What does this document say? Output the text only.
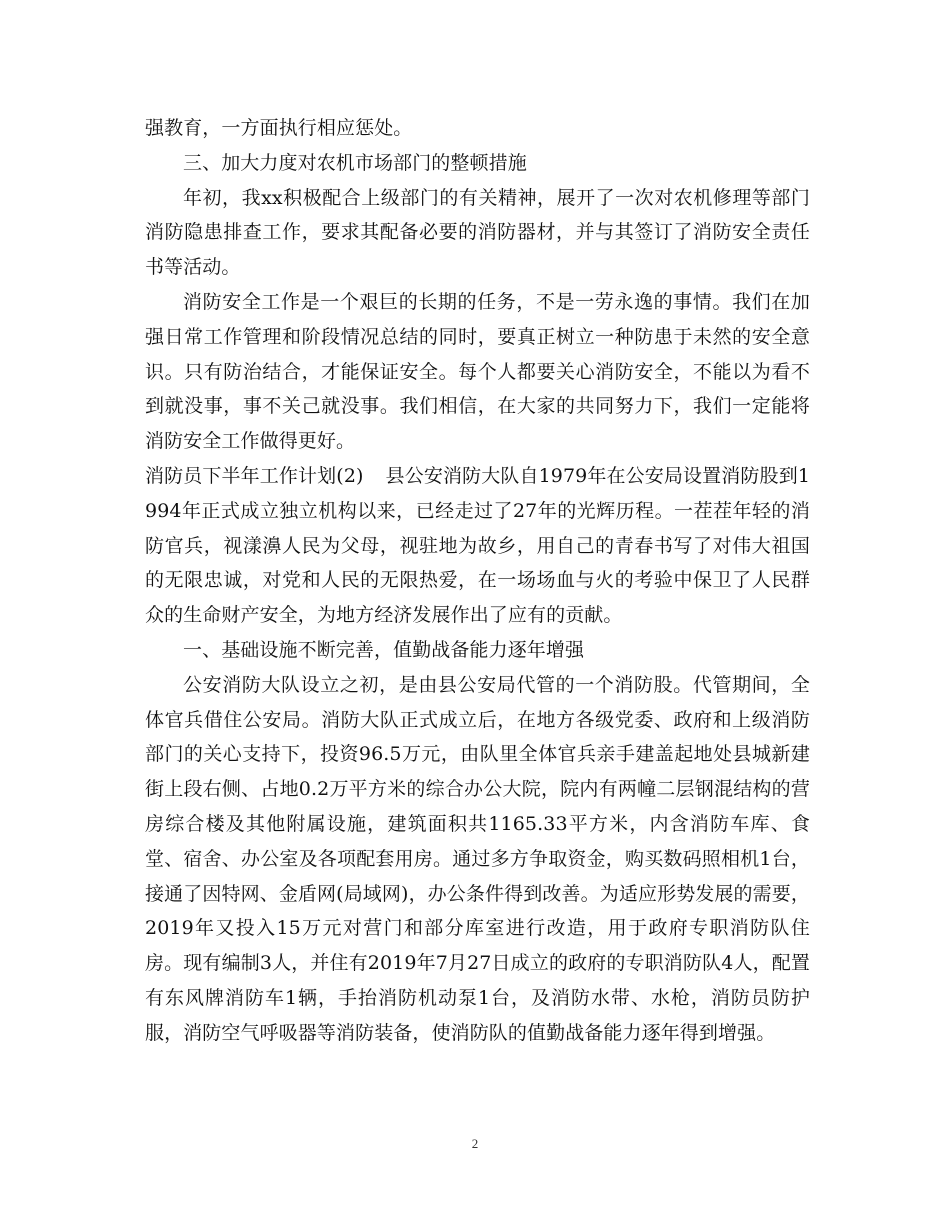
强教育，一方面执行相应惩处。

三、加大力度对农机市场部门的整顿措施

年初，我xx积极配合上级部门的有关精神，展开了一次对农机修理等部门消防隐患排查工作，要求其配备必要的消防器材，并与其签订了消防安全责任书等活动。

消防安全工作是一个艰巨的长期的任务，不是一劳永逸的事情。我们在加强日常工作管理和阶段情况总结的同时，要真正树立一种防患于未然的安全意识。只有防治结合，才能保证安全。每个人都要关心消防安全，不能以为看不到就没事，事不关己就没事。我们相信，在大家的共同努力下，我们一定能将消防安全工作做得更好。

消防员下半年工作计划(2) 县公安消防大队自1979年在公安局设置消防股到1994年正式成立独立机构以来，已经走过了27年的光辉历程。一茬茬年轻的消防官兵，视漾濞人民为父母，视驻地为故乡，用自己的青春书写了对伟大祖国的无限忠诚，对党和人民的无限热爱，在一场场血与火的考验中保卫了人民群众的生命财产安全，为地方经济发展作出了应有的贡献。

一、基础设施不断完善，值勤战备能力逐年增强

公安消防大队设立之初，是由县公安局代管的一个消防股。代管期间，全体官兵借住公安局。消防大队正式成立后，在地方各级党委、政府和上级消防部门的关心支持下，投资96.5万元，由队里全体官兵亲手建盖起地处县城新建街上段右侧、占地0.2万平方米的综合办公大院，院内有两幢二层钢混结构的营房综合楼及其他附属设施，建筑面积共1165.33平方米，内含消防车库、食堂、宿舍、办公室及各项配套用房。通过多方争取资金，购买数码照相机1台，接通了因特网、金盾网(局域网)，办公条件得到改善。为适应形势发展的需要，2019年又投入15万元对营门和部分库室进行改造，用于政府专职消防队住房。现有编制3人，并住有2019年7月27日成立的政府的专职消防队4人，配置有东风牌消防车1辆，手抬消防机动泵1台，及消防水带、水枪，消防员防护服，消防空气呼吸器等消防装备，使消防队的值勤战备能力逐年得到增强。

2
